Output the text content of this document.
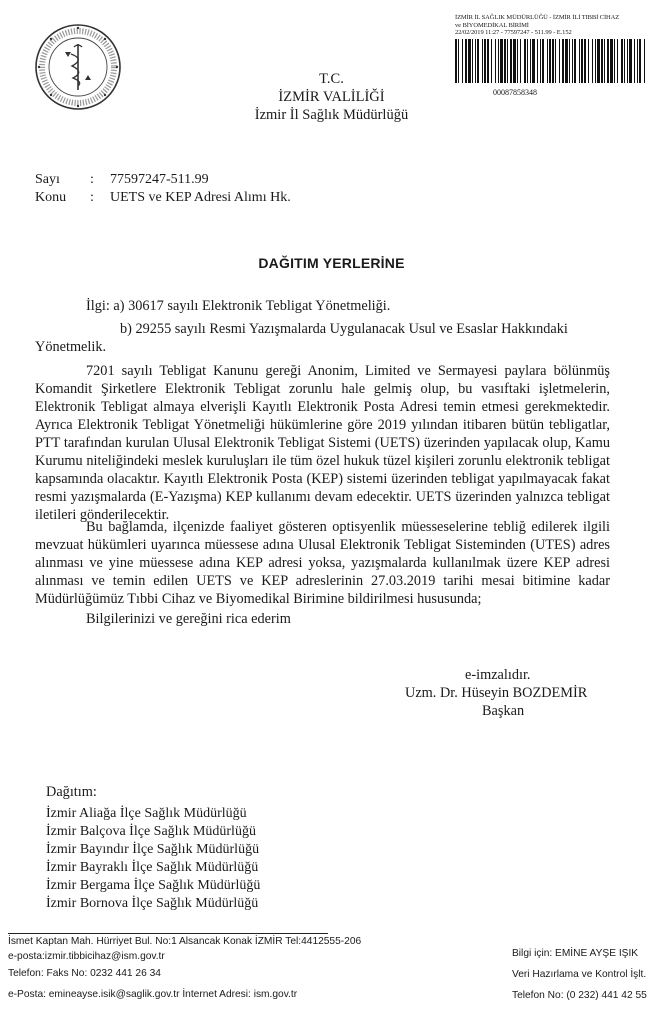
İZMİR İL SAĞLIK MÜDÜRLÜĞÜ - İZMİR İLİ TIBBİ CİHAZ
ve BİYOMEDİKAL BİRİMİ
22/02/2019 11:27 - 77597247 - 511.99 - E.152
00087858348
T.C.
İZMİR VALİLİĞİ
İzmir İl Sağlık Müdürlüğü
Sayı : 77597247-511.99
Konu : UETS ve KEP Adresi Alımı Hk.
DAĞITIM YERLERİNE
İlgi: a) 30617 sayılı Elektronik Tebligat Yönetmeliği.
b) 29255 sayılı Resmi Yazışmalarda Uygulanacak Usul ve Esaslar Hakkındaki
Yönetmelik.
7201 sayılı Tebligat Kanunu gereği Anonim, Limited ve Sermayesi paylara bölünmüş Komandit Şirketlere Elektronik Tebligat zorunlu hale gelmiş olup, bu vasıftaki işletmelerin, Elektronik Tebligat almaya elverişli Kayıtlı Elektronik Posta Adresi temin etmesi gerekmektedir. Ayrıca Elektronik Tebligat Yönetmeliği hükümlerine göre 2019 yılından itibaren bütün tebligatlar, PTT tarafından kurulan Ulusal Elektronik Tebligat Sistemi (UETS) üzerinden yapılacak olup, Kamu Kurumu niteliğindeki meslek kuruluşları ile tüm özel hukuk tüzel kişileri zorunlu elektronik tebligat kapsamında olacaktır. Kayıtlı Elektronik Posta (KEP) sistemi üzerinden tebligat yapılmayacak fakat resmi yazışmalarda (E-Yazışma) KEP kullanımı devam edecektir. UETS üzerinden yalnızca tebligat iletileri gönderilecektir.
Bu bağlamda, ilçenizde faaliyet gösteren optisyenlik müesseselerine tebliğ edilerek ilgili mevzuat hükümleri uyarınca müessese adına Ulusal Elektronik Tebligat Sisteminden (UTES) adres alınması ve yine müessese adına KEP adresi yoksa, yazışmalarda kullanılmak üzere KEP adresi alınması ve temin edilen UETS ve KEP adreslerinin 27.03.2019 tarihi mesai bitimine kadar Müdürlüğümüz Tıbbi Cihaz ve Biyomedikal Birimine bildirilmesi hususunda;
Bilgilerinizi ve gereğini rica ederim
e-imzalıdır.
Uzm. Dr. Hüseyin BOZDEMİR
Başkan
Dağıtım:

İzmir Aliağa İlçe Sağlık Müdürlüğü

İzmir Balçova İlçe Sağlık Müdürlüğü

İzmir Bayındır İlçe Sağlık Müdürlüğü

İzmir Bayraklı İlçe Sağlık Müdürlüğü

İzmir Bergama İlçe Sağlık Müdürlüğü

İzmir Bornova İlçe Sağlık Müdürlüğü

İsmet Kaptan Mah. Hürriyet Bul. No:1 Alsancak Konak İZMİR Tel:4412555-206
e-posta:izmir.tibbicihaz@ism.gov.tr
Telefon: Faks No: 0232 441 26 34
e-Posta: emineayse.isik@saglik.gov.tr İnternet Adresi: ism.gov.tr
Bilgi için: EMİNE AYŞE IŞIK
Veri Hazırlama ve Kontrol İşlt.
Telefon No: (0 232) 441 42 55
